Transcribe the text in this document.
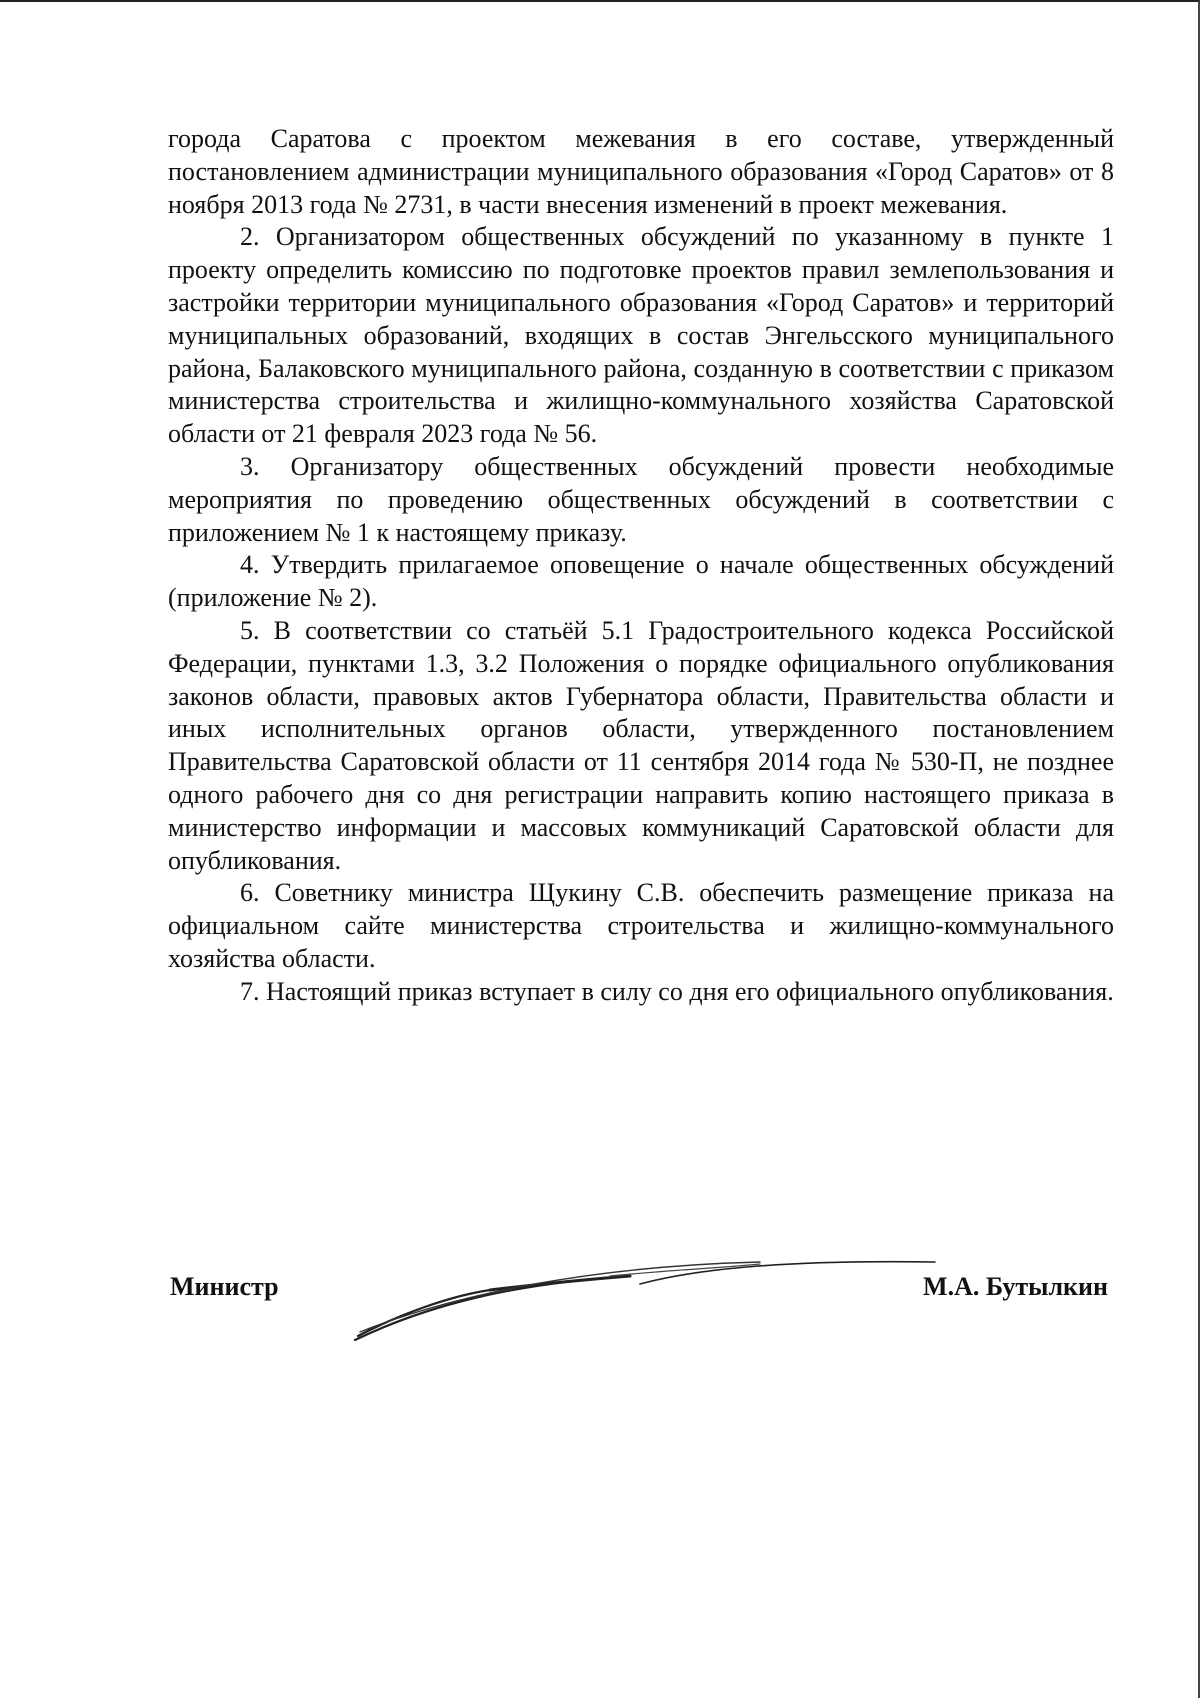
города Саратова с проектом межевания в его составе, утвержденный постановлением администрации муниципального образования «Город Саратов» от 8 ноября 2013 года № 2731, в части внесения изменений в проект межевания.

2. Организатором общественных обсуждений по указанному в пункте 1 проекту определить комиссию по подготовке проектов правил землепользования и застройки территории муниципального образования «Город Саратов» и территорий муниципальных образований, входящих в состав Энгельсского муниципального района, Балаковского муниципального района, созданную в соответствии с приказом министерства строительства и жилищно-коммунального хозяйства Саратовской области от 21 февраля 2023 года № 56.

3. Организатору общественных обсуждений провести необходимые мероприятия по проведению общественных обсуждений в соответствии с приложением № 1 к настоящему приказу.

4. Утвердить прилагаемое оповещение о начале общественных обсуждений (приложение № 2).

5. В соответствии со статьёй 5.1 Градостроительного кодекса Российской Федерации, пунктами 1.3, 3.2 Положения о порядке официального опубликования законов области, правовых актов Губернатора области, Правительства области и иных исполнительных органов области, утвержденного постановлением Правительства Саратовской области от 11 сентября 2014 года № 530-П, не позднее одного рабочего дня со дня регистрации направить копию настоящего приказа в министерство информации и массовых коммуникаций Саратовской области для опубликования.

6. Советнику министра Щукину С.В. обеспечить размещение приказа на официальном сайте министерства строительства и жилищно-коммунального хозяйства области.

7. Настоящий приказ вступает в силу со дня его официального опубликования.

Министр	М.А. Бутылкин
